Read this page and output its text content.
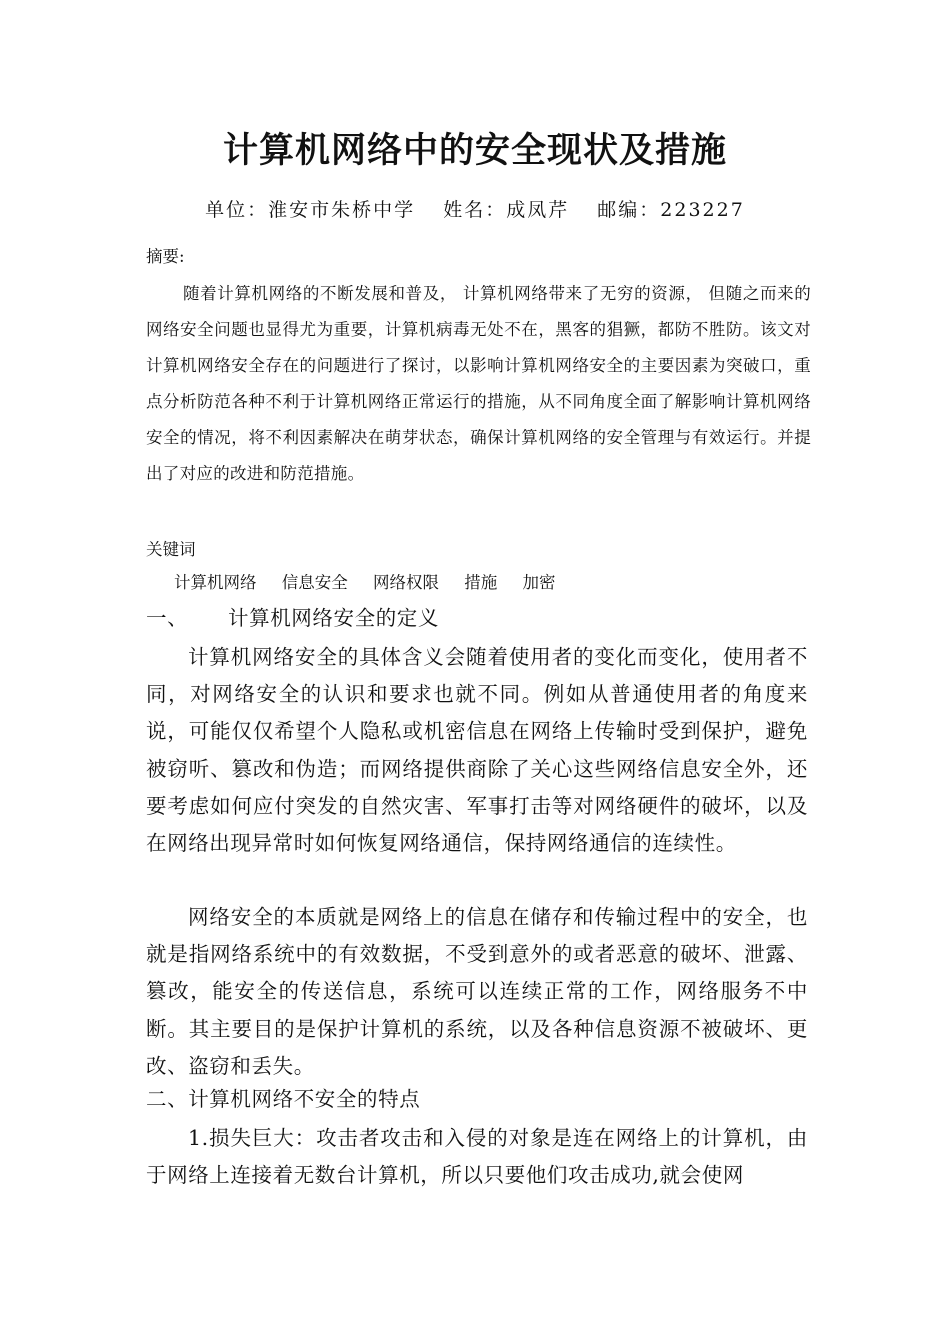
计算机网络中的安全现状及措施
单位：淮安市朱桥中学 姓名：成凤芹 邮编：223227
摘要:
随着计算机网络的不断发展和普及， 计算机网络带来了无穷的资源， 但随之而来的网络安全问题也显得尤为重要，计算机病毒无处不在，黑客的猖獗，都防不胜防。该文对计算机网络安全存在的问题进行了探讨，以影响计算机网络安全的主要因素为突破口，重点分析防范各种不利于计算机网络正常运行的措施，从不同角度全面了解影响计算机网络安全的情况，将不利因素解决在萌芽状态，确保计算机网络的安全管理与有效运行。并提出了对应的改进和防范措施。
关键词
计算机网络 信息安全 网络权限 措施 加密
一、 计算机网络安全的定义
计算机网络安全的具体含义会随着使用者的变化而变化，使用者不同，对网络安全的认识和要求也就不同。例如从普通使用者的角度来说，可能仅仅希望个人隐私或机密信息在网络上传输时受到保护，避免被窃听、篡改和伪造；而网络提供商除了关心这些网络信息安全外，还要考虑如何应付突发的自然灾害、军事打击等对网络硬件的破坏，以及在网络出现异常时如何恢复网络通信，保持网络通信的连续性。
网络安全的本质就是网络上的信息在储存和传输过程中的安全，也就是指网络系统中的有效数据，不受到意外的或者恶意的破坏、泄露、篡改，能安全的传送信息，系统可以连续正常的工作，网络服务不中断。其主要目的是保护计算机的系统，以及各种信息资源不被破坏、更改、盗窃和丢失。
二、计算机网络不安全的特点
1.损失巨大：攻击者攻击和入侵的对象是连在网络上的计算机，由于网络上连接着无数台计算机，所以只要他们攻击成功,就会使网
